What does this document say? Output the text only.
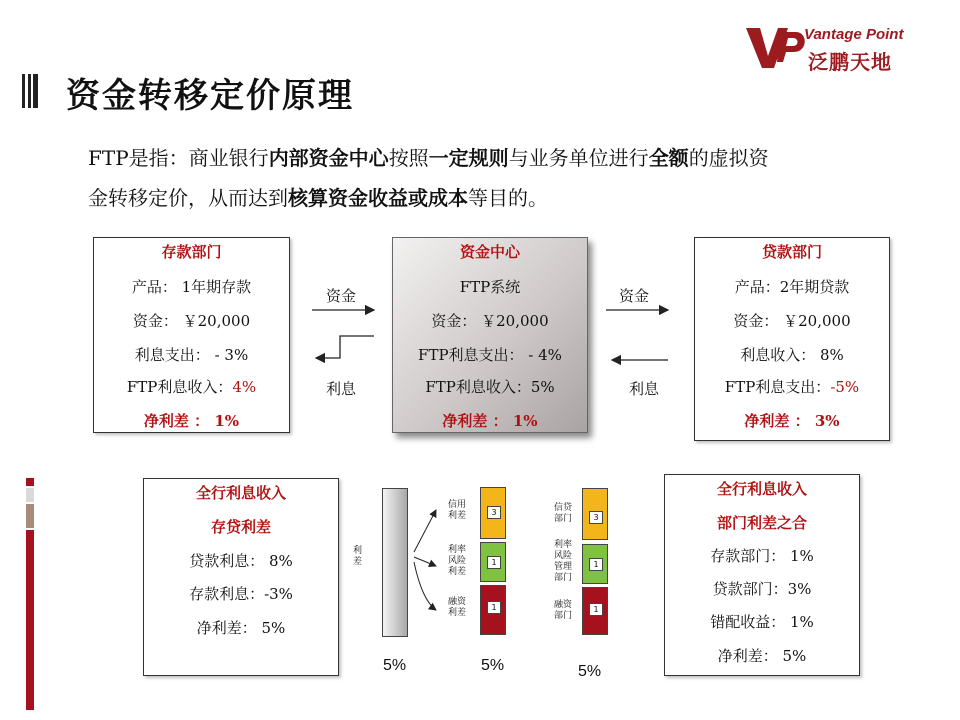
Vantage Point
泛鹏天地
资金转移定价原理
FTP是指：商业银行内部资金中心按照一定规则与业务单位进行全额的虚拟资
金转移定价，从而达到核算资金收益或成本等目的。
存款部门
产品： 1年期存款
资金： ￥20,000
利息支出： - 3%
FTP利息收入：4%
净利差 ： 1%
资金中心
FTP系统
资金： ￥20,000
FTP利息支出： - 4%
FTP利息收入：5%
净利差 ： 1%
贷款部门
产品：2年期贷款
资金： ￥20,000
利息收入： 8%
FTP利息支出：-5%
净利差 ： 3%
资金
利息
资金
利息
全行利息收入
存贷利差
贷款利息： 8%
存款利息：-3%
净利差： 5%
全行利息收入
部门利差之合
存款部门： 1%
贷款部门：3%
错配收益： 1%
净利差： 5%
利
差
信用
利差
利率
风险
利差
融资
利差
3
1
1
信贷
部门
利率
风险
管理
部门
融资
部门
3
1
1
5%	5%	5%
